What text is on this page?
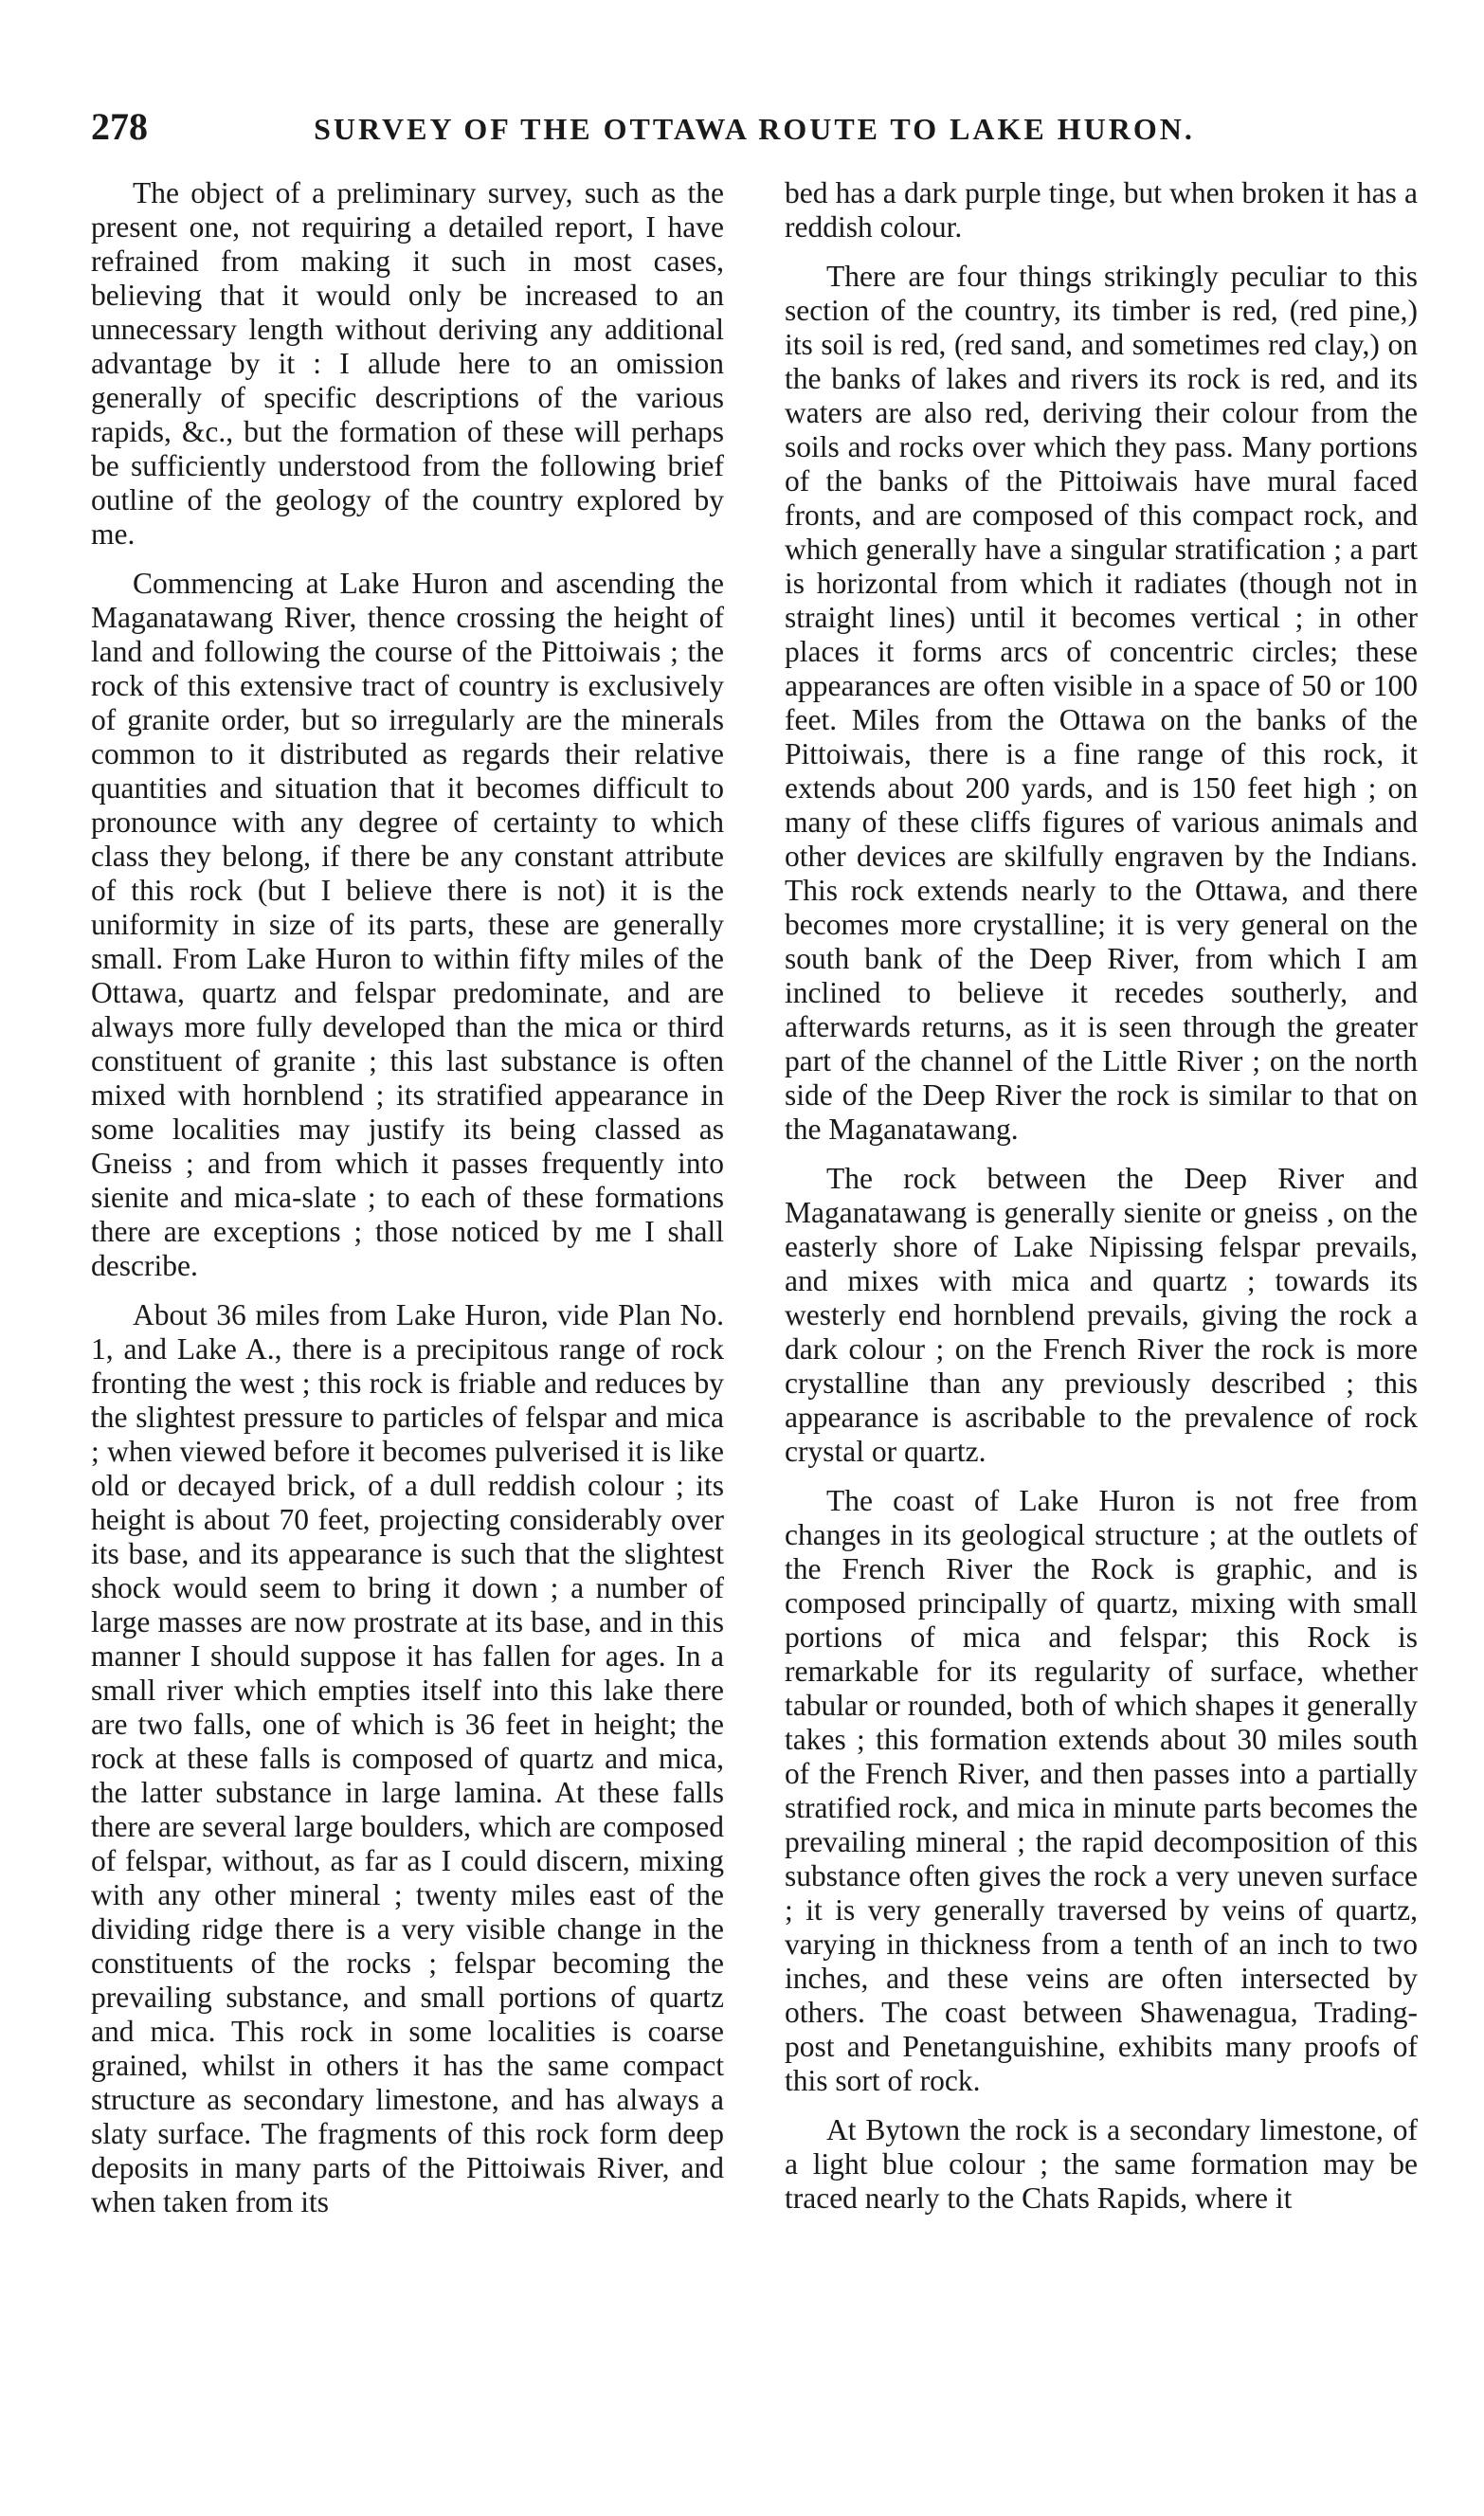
278	SURVEY OF THE OTTAWA ROUTE TO LAKE HURON.

The object of a preliminary survey, such as the present one, not requiring a detailed report, I have refrained from making it such in most cases, believing that it would only be increased to an unnecessary length without deriving any additional advantage by it : I allude here to an omission generally of specific descriptions of the various rapids, &c., but the formation of these will perhaps be sufficiently understood from the following brief outline of the geology of the country explored by me.

Commencing at Lake Huron and ascending the Maganatawang River, thence crossing the height of land and following the course of the Pittoiwais ; the rock of this extensive tract of country is exclusively of granite order, but so irregularly are the minerals common to it distributed as regards their relative quantities and situation that it becomes difficult to pronounce with any degree of certainty to which class they belong, if there be any constant attribute of this rock (but I believe there is not) it is the uniformity in size of its parts, these are generally small. From Lake Huron to within fifty miles of the Ottawa, quartz and felspar predominate, and are always more fully developed than the mica or third constituent of granite ; this last substance is often mixed with hornblend ; its stratified appearance in some localities may justify its being classed as Gneiss ; and from which it passes frequently into sienite and mica-slate ; to each of these formations there are exceptions ; those noticed by me I shall describe.

About 36 miles from Lake Huron, vide Plan No. 1, and Lake A., there is a precipitous range of rock fronting the west ; this rock is friable and reduces by the slightest pressure to particles of felspar and mica ; when viewed before it becomes pulverised it is like old or decayed brick, of a dull reddish colour ; its height is about 70 feet, projecting considerably over its base, and its appearance is such that the slightest shock would seem to bring it down ; a number of large masses are now prostrate at its base, and in this manner I should suppose it has fallen for ages. In a small river which empties itself into this lake there are two falls, one of which is 36 feet in height; the rock at these falls is composed of quartz and mica, the latter substance in large lamina. At these falls there are several large boulders, which are composed of felspar, without, as far as I could discern, mixing with any other mineral ; twenty miles east of the dividing ridge there is a very visible change in the constituents of the rocks ; felspar becoming the prevailing substance, and small portions of quartz and mica. This rock in some localities is coarse grained, whilst in others it has the same compact structure as secondary limestone, and has always a slaty surface. The fragments of this rock form deep deposits in many parts of the Pittoiwais River, and when taken from its

bed has a dark purple tinge, but when broken it has a reddish colour.

There are four things strikingly peculiar to this section of the country, its timber is red, (red pine,) its soil is red, (red sand, and sometimes red clay,) on the banks of lakes and rivers its rock is red, and its waters are also red, deriving their colour from the soils and rocks over which they pass. Many portions of the banks of the Pittoiwais have mural faced fronts, and are composed of this compact rock, and which generally have a singular stratification ; a part is horizontal from which it radiates (though not in straight lines) until it becomes vertical ; in other places it forms arcs of concentric circles; these appearances are often visible in a space of 50 or 100 feet. Miles from the Ottawa on the banks of the Pittoiwais, there is a fine range of this rock, it extends about 200 yards, and is 150 feet high ; on many of these cliffs figures of various animals and other devices are skilfully engraven by the Indians. This rock extends nearly to the Ottawa, and there becomes more crystalline; it is very general on the south bank of the Deep River, from which I am inclined to believe it recedes southerly, and afterwards returns, as it is seen through the greater part of the channel of the Little River ; on the north side of the Deep River the rock is similar to that on the Maganatawang.

The rock between the Deep River and Maganatawang is generally sienite or gneiss , on the easterly shore of Lake Nipissing felspar prevails, and mixes with mica and quartz ; towards its westerly end hornblend prevails, giving the rock a dark colour ; on the French River the rock is more crystalline than any previously described ; this appearance is ascribable to the prevalence of rock crystal or quartz.

The coast of Lake Huron is not free from changes in its geological structure ; at the outlets of the French River the Rock is graphic, and is composed principally of quartz, mixing with small portions of mica and felspar; this Rock is remarkable for its regularity of surface, whether tabular or rounded, both of which shapes it generally takes ; this formation extends about 30 miles south of the French River, and then passes into a partially stratified rock, and mica in minute parts becomes the prevailing mineral ; the rapid decomposition of this substance often gives the rock a very uneven surface ; it is very generally traversed by veins of quartz, varying in thickness from a tenth of an inch to two inches, and these veins are often intersected by others. The coast between Shawenagua, Trading-post and Penetanguishine, exhibits many proofs of this sort of rock.

At Bytown the rock is a secondary limestone, of a light blue colour ; the same formation may be traced nearly to the Chats Rapids, where it
